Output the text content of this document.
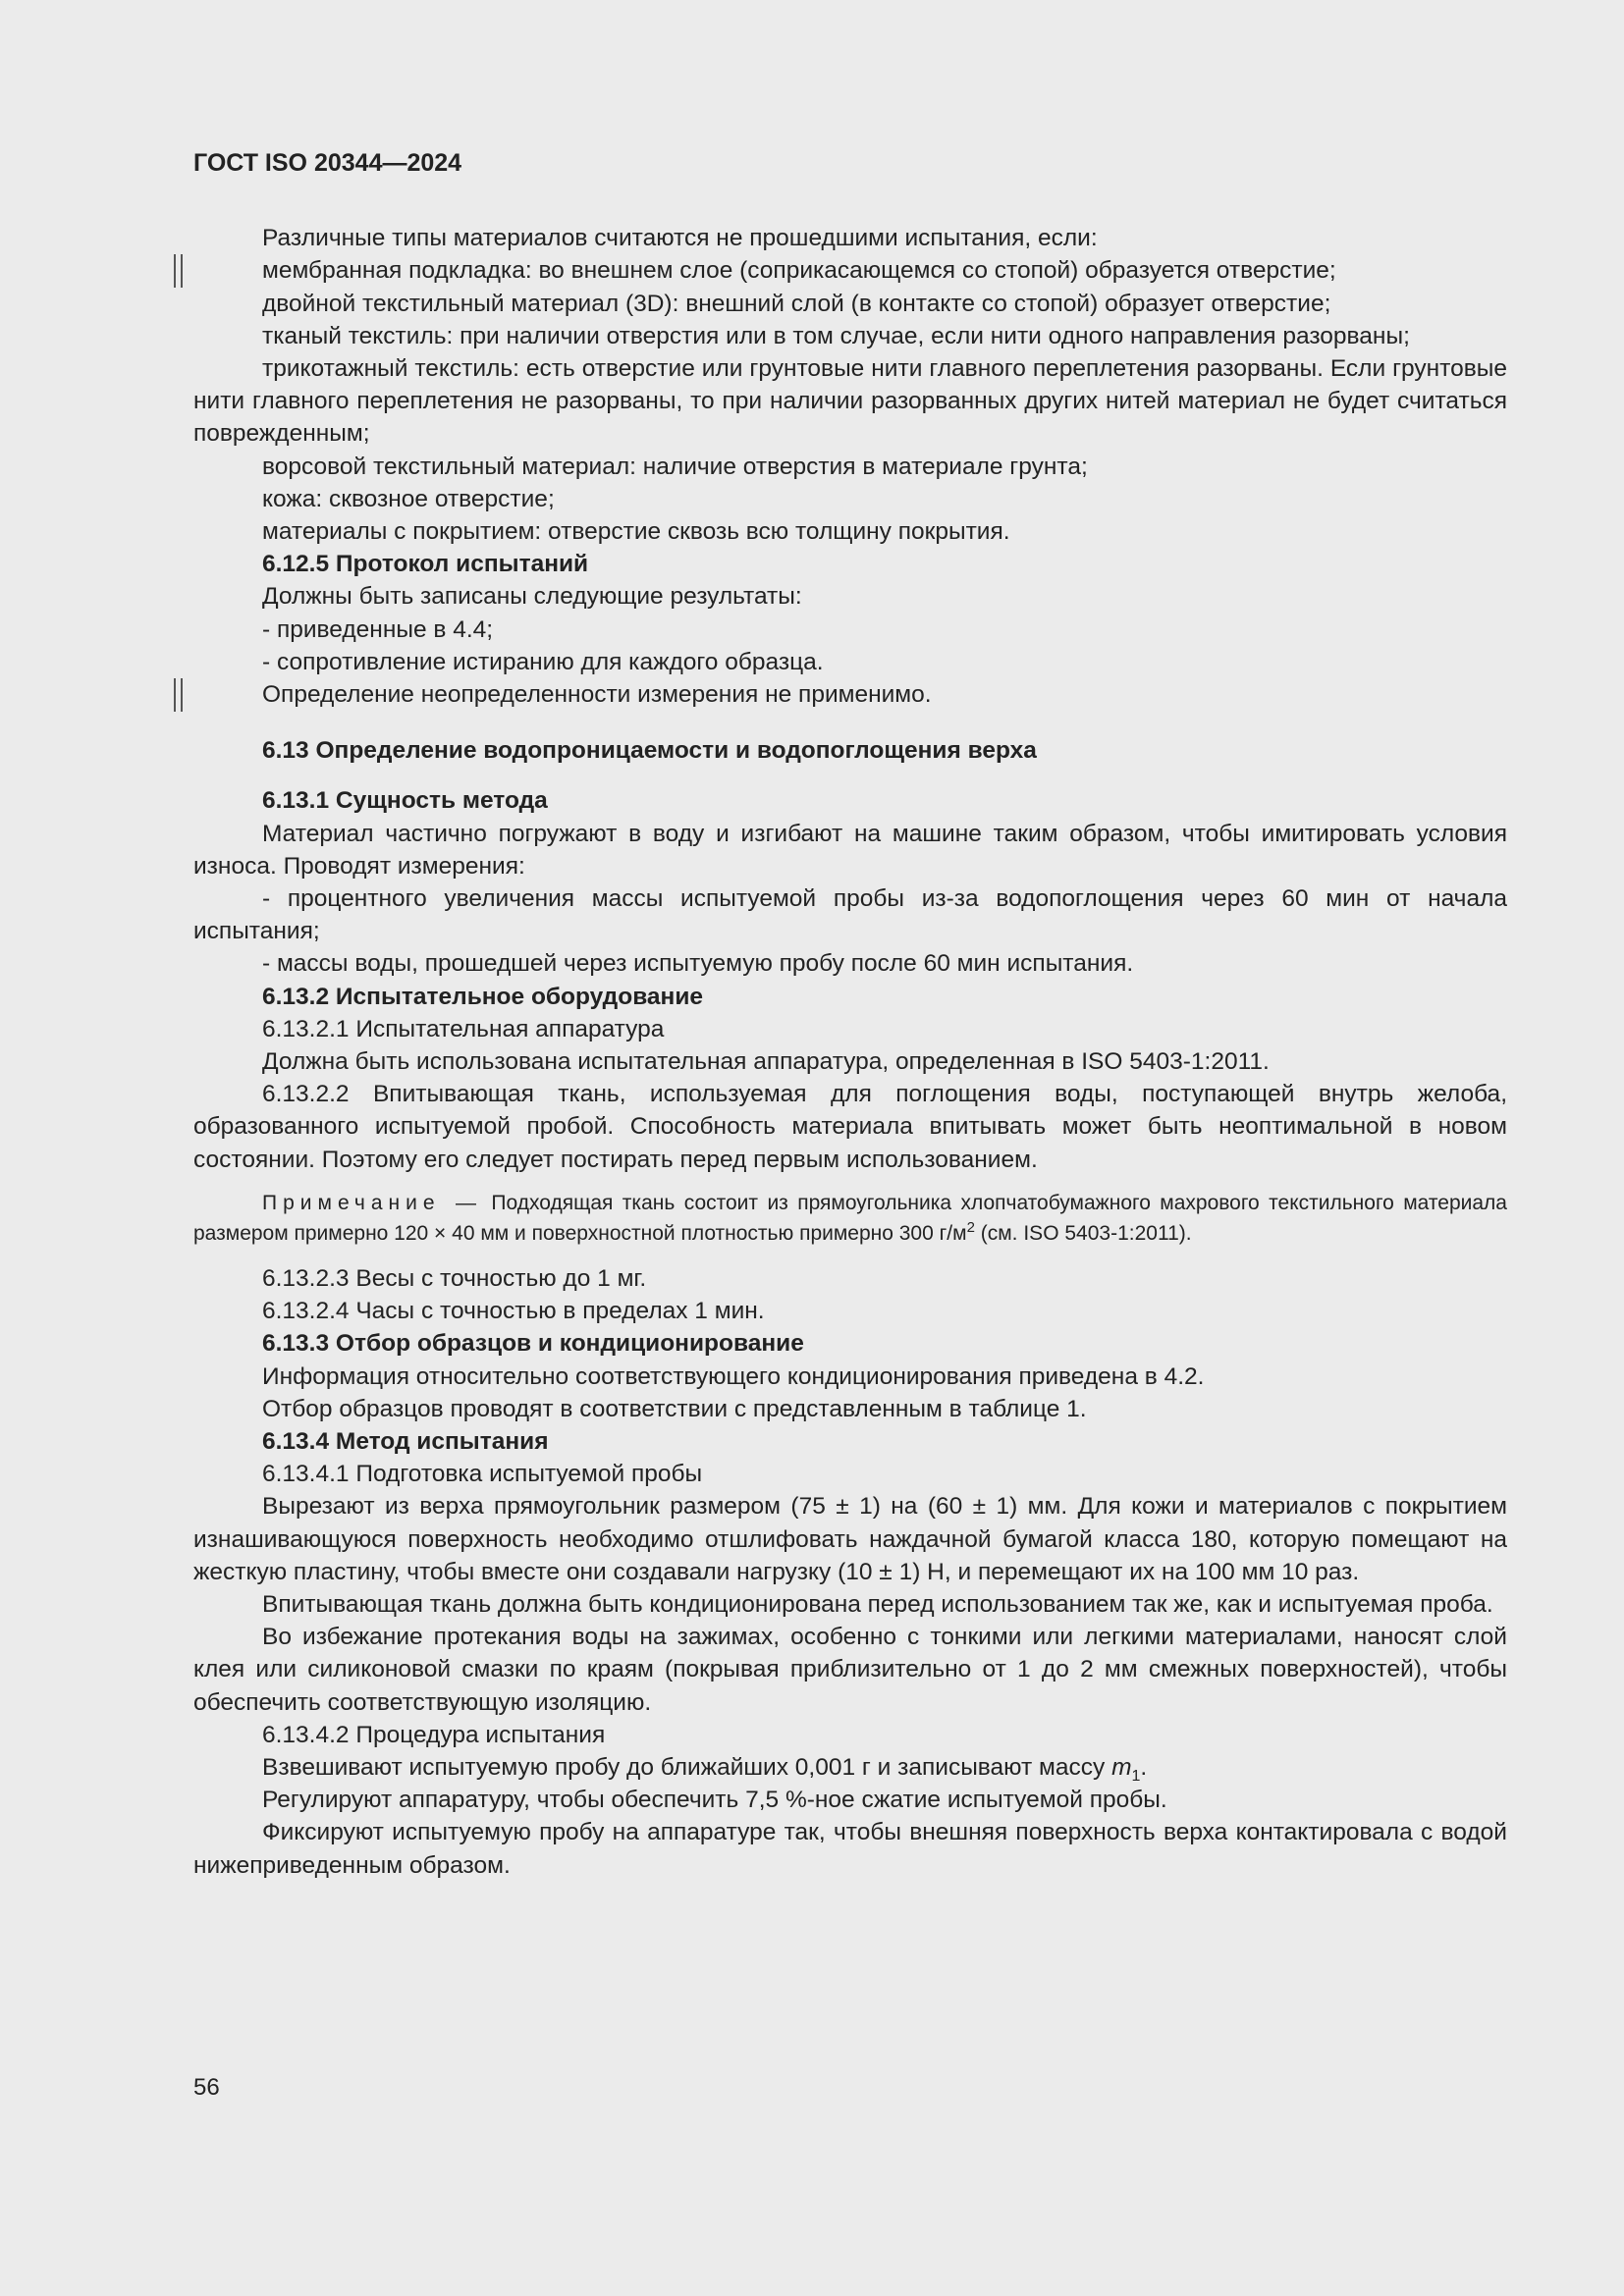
ГОСТ ISO 20344—2024

Различные типы материалов считаются не прошедшими испытания, если:

мембранная подкладка: во внешнем слое (соприкасающемся со стопой) образуется отверстие;

двойной текстильный материал (3D): внешний слой (в контакте со стопой) образует отверстие;

тканый текстиль: при наличии отверстия или в том случае, если нити одного направления разорваны;

трикотажный текстиль: есть отверстие или грунтовые нити главного переплетения разорваны. Если грунтовые нити главного переплетения не разорваны, то при наличии разорванных других нитей материал не будет считаться поврежденным;

ворсовой текстильный материал: наличие отверстия в материале грунта;

кожа: сквозное отверстие;

материалы с покрытием: отверстие сквозь всю толщину покрытия.

6.12.5 Протокол испытаний

Должны быть записаны следующие результаты:

- приведенные в 4.4;

- сопротивление истиранию для каждого образца.

Определение неопределенности измерения не применимо.

6.13 Определение водопроницаемости и водопоглощения верха

6.13.1 Сущность метода

Материал частично погружают в воду и изгибают на машине таким образом, чтобы имитировать условия износа. Проводят измерения:

- процентного увеличения массы испытуемой пробы из-за водопоглощения через 60 мин от начала испытания;

- массы воды, прошедшей через испытуемую пробу после 60 мин испытания.

6.13.2 Испытательное оборудование

6.13.2.1 Испытательная аппаратура

Должна быть использована испытательная аппаратура, определенная в ISO 5403-1:2011.

6.13.2.2 Впитывающая ткань, используемая для поглощения воды, поступающей внутрь желоба, образованного испытуемой пробой. Способность материала впитывать может быть неоптимальной в новом состоянии. Поэтому его следует постирать перед первым использованием.

Примечание — Подходящая ткань состоит из прямоугольника хлопчатобумажного махрового текстильного материала размером примерно 120 × 40 мм и поверхностной плотностью примерно 300 $г/м^2$ (см. ISO 5403-1:2011).

6.13.2.3 Весы с точностью до 1 мг.

6.13.2.4 Часы с точностью в пределах 1 мин.

6.13.3 Отбор образцов и кондиционирование

Информация относительно соответствующего кондиционирования приведена в 4.2.

Отбор образцов проводят в соответствии с представленным в таблице 1.

6.13.4 Метод испытания

6.13.4.1 Подготовка испытуемой пробы

Вырезают из верха прямоугольник размером (75 ± 1) на (60 ± 1) мм. Для кожи и материалов с покрытием изнашивающуюся поверхность необходимо отшлифовать наждачной бумагой класса 180, которую помещают на жесткую пластину, чтобы вместе они создавали нагрузку (10 ± 1) Н, и перемещают их на 100 мм 10 раз.

Впитывающая ткань должна быть кондиционирована перед использованием так же, как и испытуемая проба.

Во избежание протекания воды на зажимах, особенно с тонкими или легкими материалами, наносят слой клея или силиконовой смазки по краям (покрывая приблизительно от 1 до 2 мм смежных поверхностей), чтобы обеспечить соответствующую изоляцию.

6.13.4.2 Процедура испытания

Взвешивают испытуемую пробу до ближайших 0,001 г и записывают массу $m_1$.

Регулируют аппаратуру, чтобы обеспечить 7,5 %-ное сжатие испытуемой пробы.

Фиксируют испытуемую пробу на аппаратуре так, чтобы внешняя поверхность верха контактировала с водой нижеприведенным образом.

56
